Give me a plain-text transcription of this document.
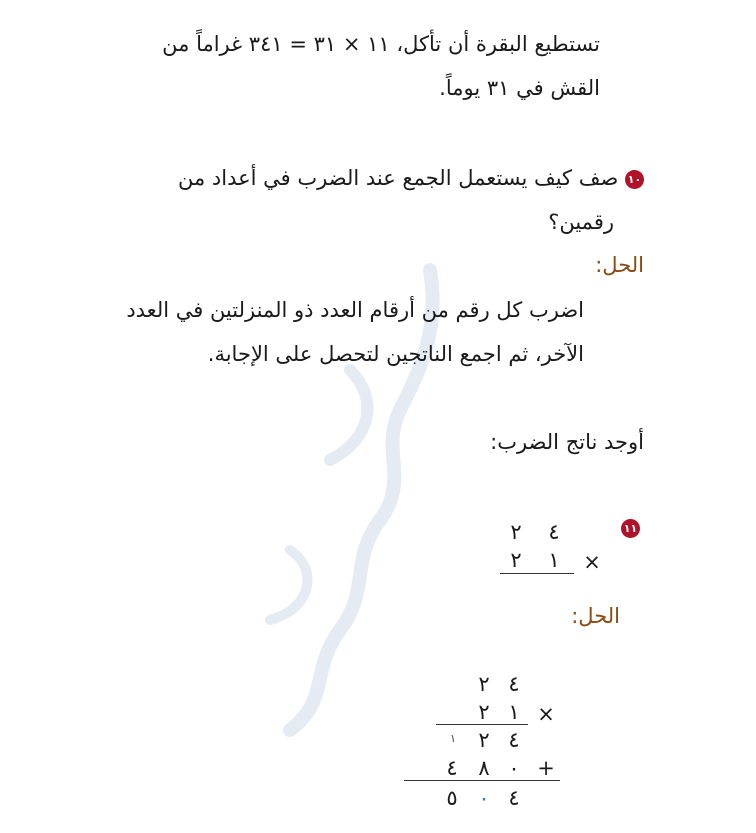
تستطيع البقرة أن تأكل، ١١ × ٣١ = ٣٤١ غراماً من
القش في ٣١ يوماً.
١٠ صف كيف يستعمل الجمع عند الضرب في أعداد من
رقمين؟
الحل:
اضرب كل رقم من أرقام العدد ذو المنزلتين في العدد
الآخر، ثم اجمع الناتجين لتحصل على الإجابة.
أوجد ناتج الضرب:
١١
٢	٤
٢	١	×
الحل:
٢ ٤
٢ ١ ×
١	٢ ٤
٤ ٨ ٠ +
٥ ٠ ٤
